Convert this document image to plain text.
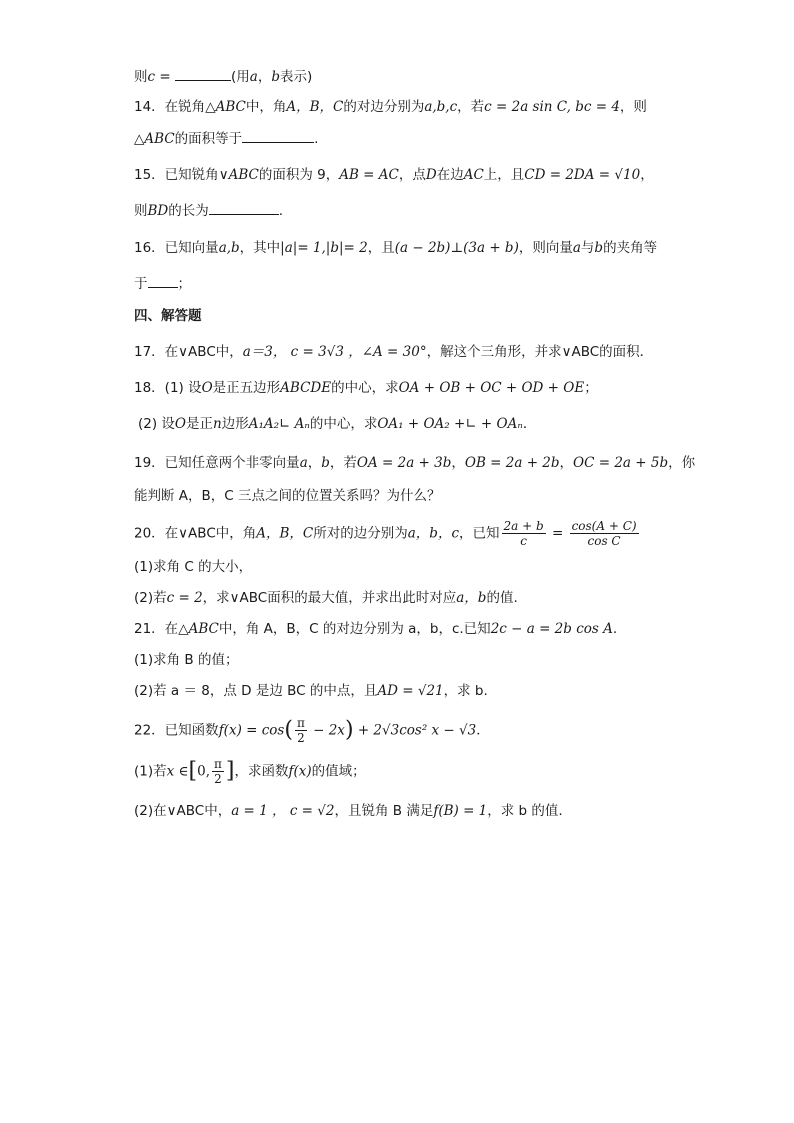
则c =	(用a，b表示)
14．在锐角△ABC中，角A，B，C的对边分别为a,b,c，若c = 2a sin C, bc = 4，则
△ABC的面积等于	.
15．已知锐角∨ABC的面积为 9，AB = AC，点D在边AC上，且CD = 2DA = √10，
则BD的长为	.
16．已知向量a,b，其中|a|= 1,|b|= 2，且(a − 2b)⊥(3a + b)，则向量a与b的夹角等
于 ；
四、解答题
17．在∨ABC中，a＝3， c = 3√3 ，∠A = 30°，解这个三角形，并求∨ABC的面积．
18．(1) 设O是正五边形ABCDE的中心，求OA + OB + OC + OD + OE；
(2) 设O是正n边形A₁A₂∟ Aₙ的中心，求OA₁ + OA₂ +∟ + OAₙ．
19．已知任意两个非零向量a，b，若OA = 2a + 3b，OB = 2a + 2b，OC = 2a + 5b，你
能判断 A，B，C 三点之间的位置关系吗？为什么？
20．在∨ABC中，角A，B，C所对的边分别为a，b，c，已知 $\frac{2a + b}{c} = \frac{\cos(A + C)}{\text{cos C}}$
(1)求角 C 的大小，
(2)若c = 2，求∨ABC面积的最大值，并求出此时对应a，b的值.
21．在△ABC中，角 A，B，C 的对边分别为 a，b，c.已知2c − a = 2b cos A.
(1)求角 B 的值；
(2)若 a ＝ 8，点 D 是边 BC 的中点，且AD = √21，求 b.
22．已知函数$f(x) = \cos( \frac{\pi}{2} - 2x) + 2√3\cos^2$ x − √3．
(1)若x ∈[0, $\frac{\pi}{2}$ ]，求函数f(x)的值域；
(2)在∨ABC中，a = 1 ， c = √2，且锐角 B 满足f(B) = 1，求 b 的值.
